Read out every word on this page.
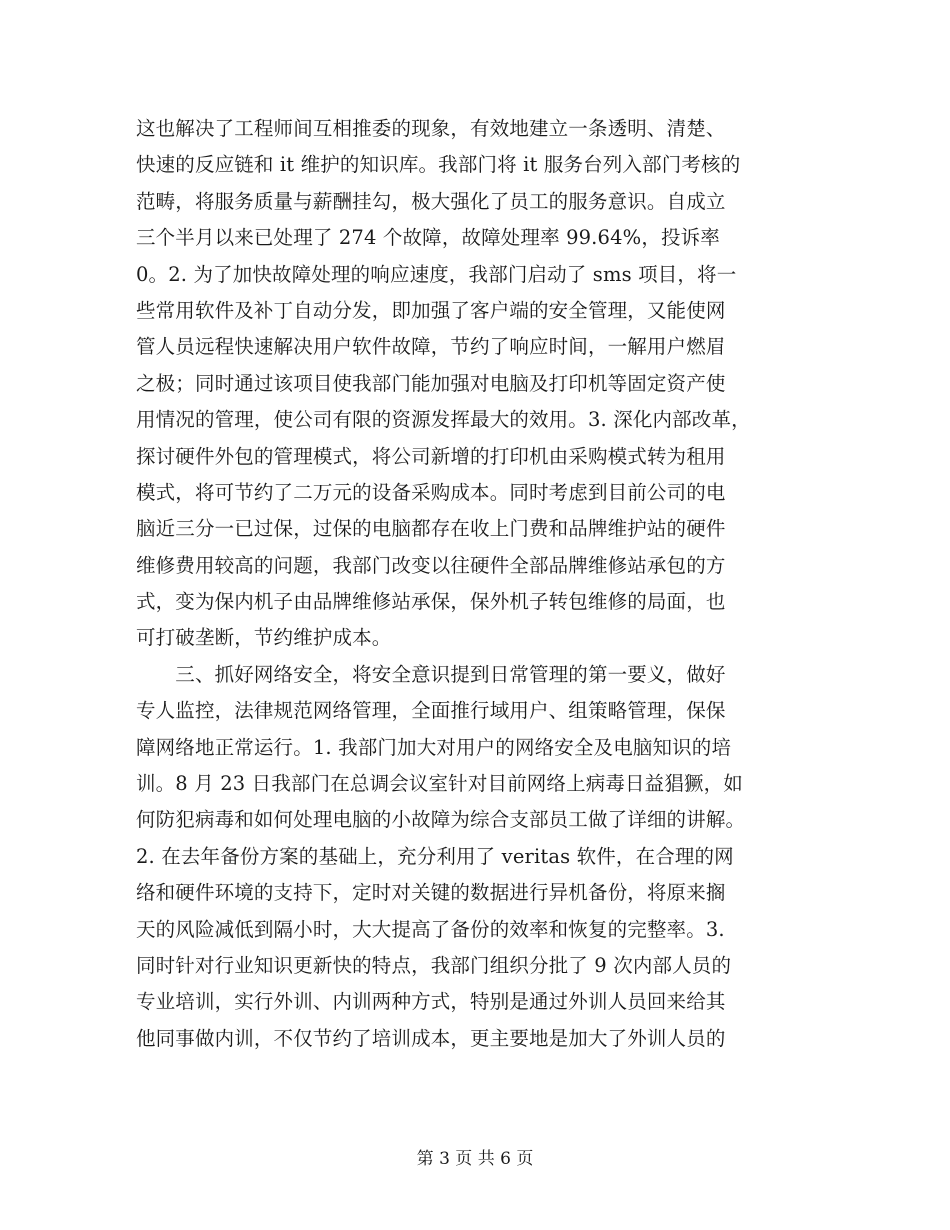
这也解决了工程师间互相推委的现象，有效地建立一条透明、清楚、
快速的反应链和 it 维护的知识库。我部门将 it 服务台列入部门考核的
范畴，将服务质量与薪酬挂勾，极大强化了员工的服务意识。自成立
三个半月以来已处理了 274 个故障，故障处理率 99.64%，投诉率
0。2. 为了加快故障处理的响应速度，我部门启动了 sms 项目，将一
些常用软件及补丁自动分发，即加强了客户端的安全管理，又能使网
管人员远程快速解决用户软件故障，节约了响应时间，一解用户燃眉
之极；同时通过该项目使我部门能加强对电脑及打印机等固定资产使
用情况的管理，使公司有限的资源发挥最大的效用。3. 深化内部改革，
探讨硬件外包的管理模式，将公司新增的打印机由采购模式转为租用
模式，将可节约了二万元的设备采购成本。同时考虑到目前公司的电
脑近三分一已过保，过保的电脑都存在收上门费和品牌维护站的硬件
维修费用较高的问题，我部门改变以往硬件全部品牌维修站承包的方
式，变为保内机子由品牌维修站承保，保外机子转包维修的局面，也
可打破垄断，节约维护成本。
　　三、抓好网络安全，将安全意识提到日常管理的第一要义，做好
专人监控，法律规范网络管理，全面推行域用户、组策略管理，保保
障网络地正常运行。1. 我部门加大对用户的网络安全及电脑知识的培
训。8 月 23 日我部门在总调会议室针对目前网络上病毒日益猖獗，如
何防犯病毒和如何处理电脑的小故障为综合支部员工做了详细的讲解。
2. 在去年备份方案的基础上，充分利用了 veritas 软件，在合理的网
络和硬件环境的支持下，定时对关键的数据进行异机备份，将原来搁
天的风险减低到隔小时，大大提高了备份的效率和恢复的完整率。3.
同时针对行业知识更新快的特点，我部门组织分批了 9 次内部人员的
专业培训，实行外训、内训两种方式，特别是通过外训人员回来给其
他同事做内训，不仅节约了培训成本，更主要地是加大了外训人员的
第 3 页 共 6 页
